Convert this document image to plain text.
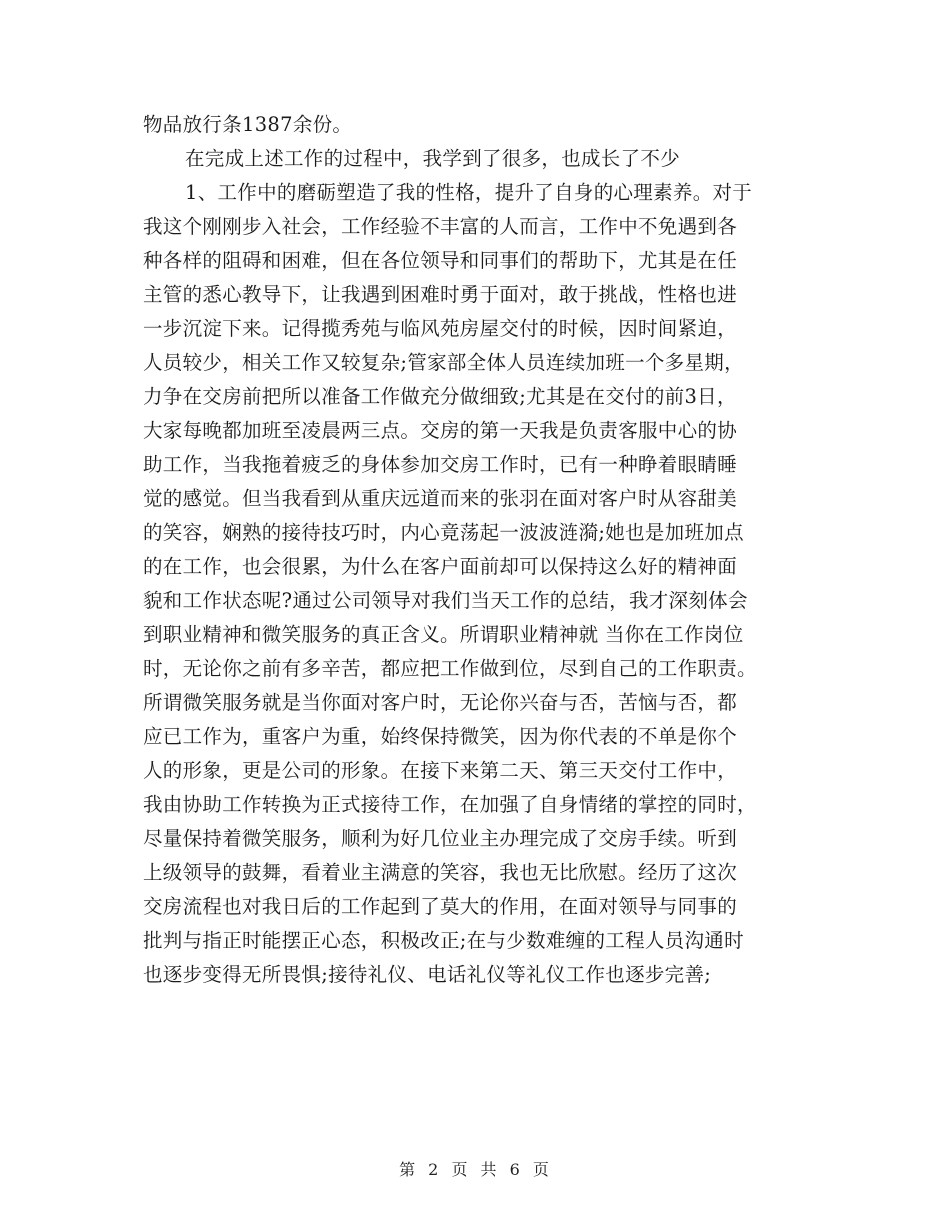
物品放行条1387余份。
在完成上述工作的过程中，我学到了很多，也成长了不少
1、工作中的磨砺塑造了我的性格，提升了自身的心理素养。对于
我这个刚刚步入社会，工作经验不丰富的人而言，工作中不免遇到各
种各样的阻碍和困难，但在各位领导和同事们的帮助下，尤其是在任
主管的悉心教导下，让我遇到困难时勇于面对，敢于挑战，性格也进
一步沉淀下来。记得揽秀苑与临风苑房屋交付的时候，因时间紧迫，
人员较少，相关工作又较复杂;管家部全体人员连续加班一个多星期，
力争在交房前把所以准备工作做充分做细致;尤其是在交付的前3日，
大家每晚都加班至凌晨两三点。交房的第一天我是负责客服中心的协
助工作，当我拖着疲乏的身体参加交房工作时，已有一种睁着眼睛睡
觉的感觉。但当我看到从重庆远道而来的张羽在面对客户时从容甜美
的笑容，娴熟的接待技巧时，内心竟荡起一波波涟漪;她也是加班加点
的在工作，也会很累，为什么在客户面前却可以保持这么好的精神面
貌和工作状态呢?通过公司领导对我们当天工作的总结，我才深刻体会
到职业精神和微笑服务的真正含义。所谓职业精神就 当你在工作岗位
时，无论你之前有多辛苦，都应把工作做到位，尽到自己的工作职责。
所谓微笑服务就是当你面对客户时，无论你兴奋与否，苦恼与否，都
应已工作为，重客户为重，始终保持微笑，因为你代表的不单是你个
人的形象，更是公司的形象。在接下来第二天、第三天交付工作中，
我由协助工作转换为正式接待工作，在加强了自身情绪的掌控的同时，
尽量保持着微笑服务，顺利为好几位业主办理完成了交房手续。听到
上级领导的鼓舞，看着业主满意的笑容，我也无比欣慰。经历了这次
交房流程也对我日后的工作起到了莫大的作用，在面对领导与同事的
批判与指正时能摆正心态，积极改正;在与少数难缠的工程人员沟通时
也逐步变得无所畏惧;接待礼仪、电话礼仪等礼仪工作也逐步完善;
第 2 页 共 6 页
